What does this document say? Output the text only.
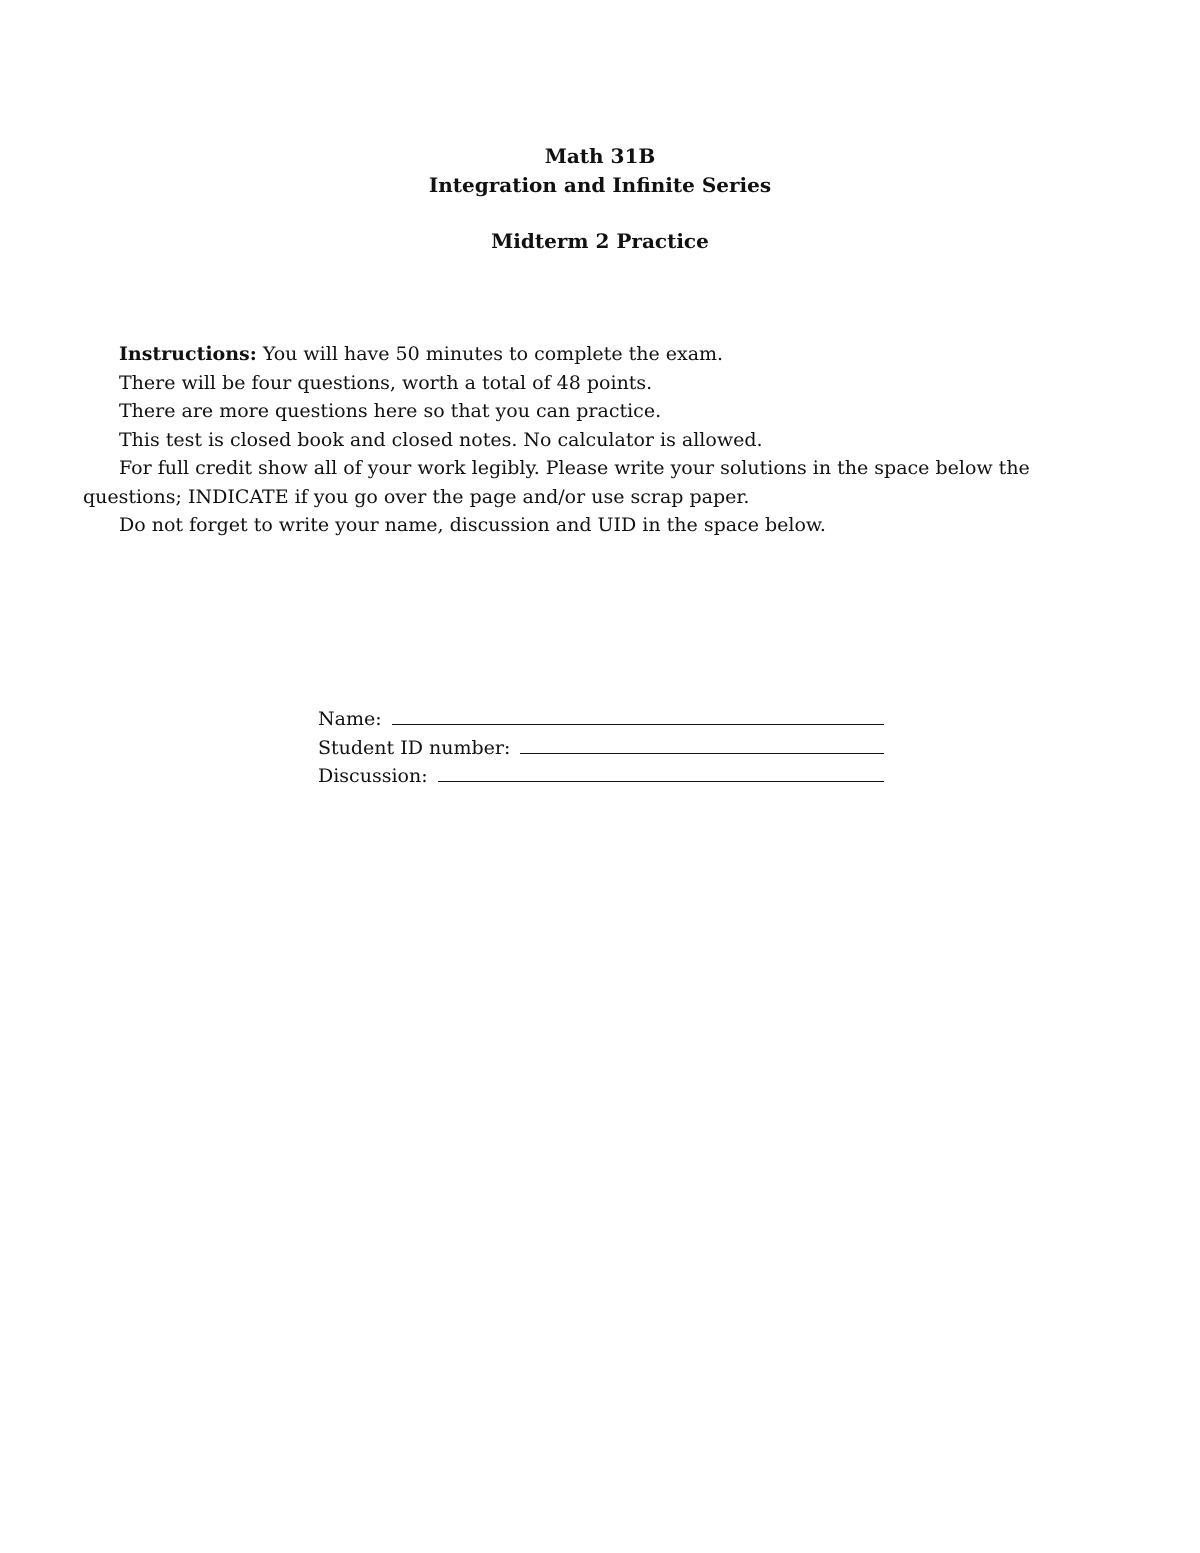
Math 31B
Integration and Infinite Series
Midterm 2 Practice

Instructions: You will have 50 minutes to complete the exam.

There will be four questions, worth a total of 48 points.

There are more questions here so that you can practice.

This test is closed book and closed notes. No calculator is allowed.

For full credit show all of your work legibly. Please write your solutions in the space below the questions; INDICATE if you go over the page and/or use scrap paper.

Do not forget to write your name, discussion and UID in the space below.

Name:
Student ID number:
Discussion:
